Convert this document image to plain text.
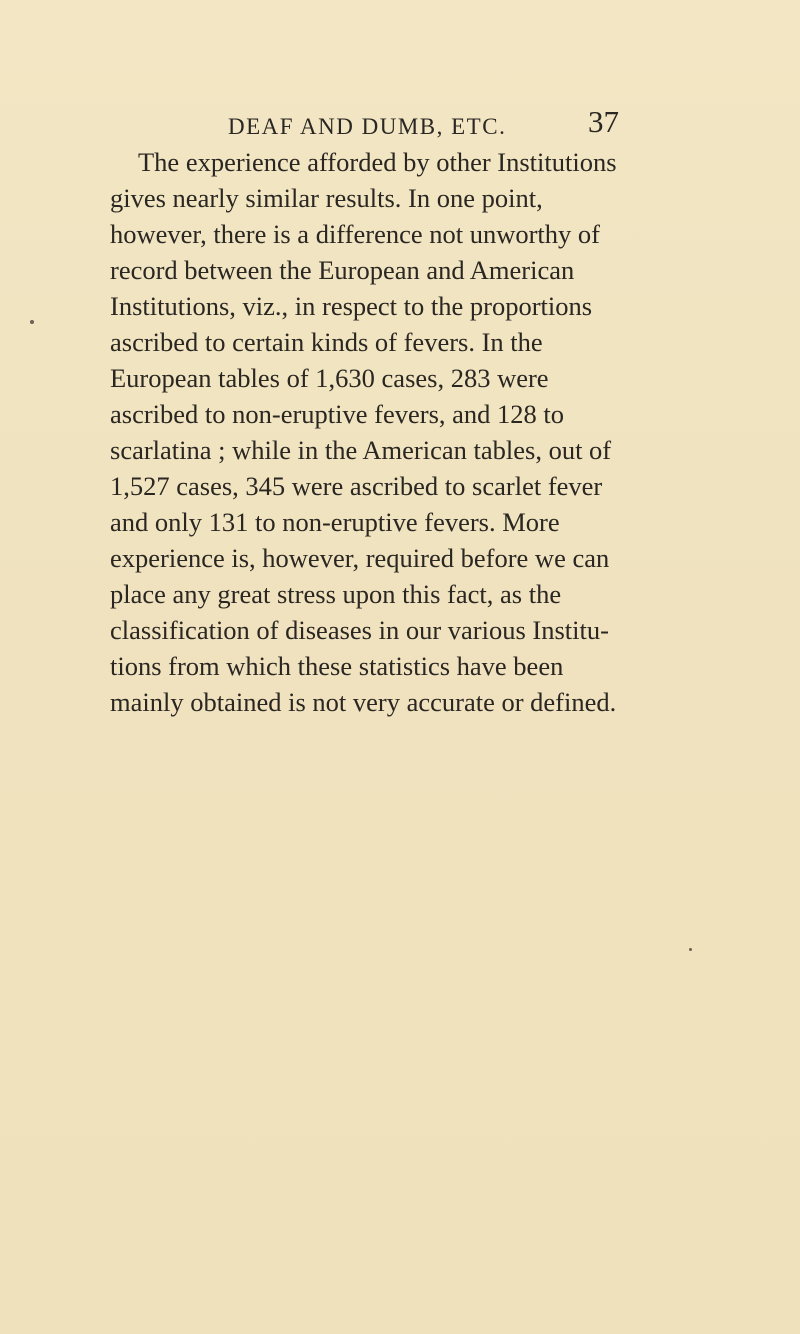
DEAF AND DUMB, ETC.	37
The experience afforded by other Institutions
gives nearly similar results. In one point,
however, there is a difference not unworthy of
record between the European and American
Institutions, viz., in respect to the proportions
ascribed to certain kinds of fevers. In the
European tables of 1,630 cases, 283 were
ascribed to non-eruptive fevers, and 128 to
scarlatina ; while in the American tables, out of
1,527 cases, 345 were ascribed to scarlet fever
and only 131 to non-eruptive fevers. More
experience is, however, required before we can
place any great stress upon this fact, as the
classification of diseases in our various Institu-
tions from which these statistics have been
mainly obtained is not very accurate or defined.
